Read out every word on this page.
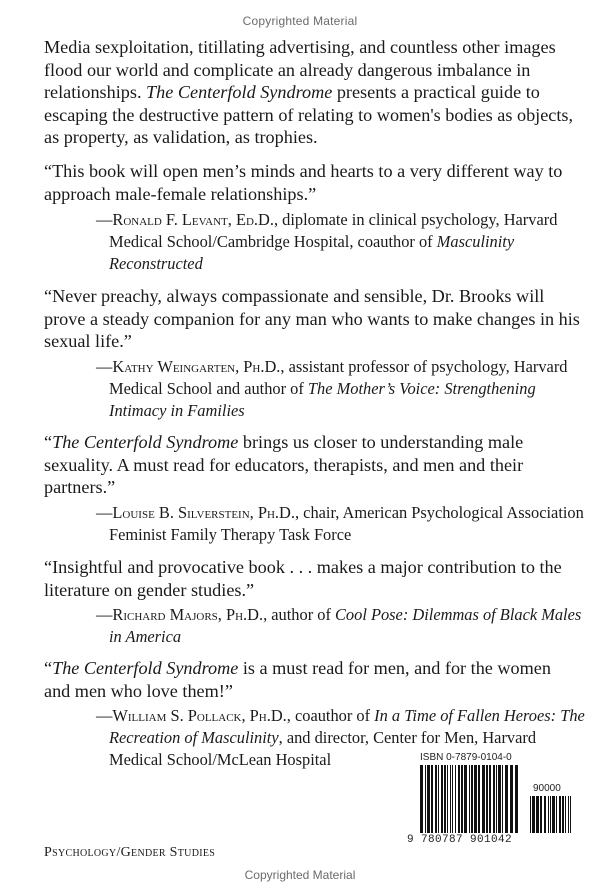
Copyrighted Material

Media sexploitation, titillating advertising, and countless other images flood our world and complicate an already dangerous imbalance in relationships. The Centerfold Syndrome presents a practical guide to escaping the destructive pattern of relating to women's bodies as objects, as property, as validation, as trophies.

“This book will open men’s minds and hearts to a very different way to approach male-female relationships.”

—Ronald F. Levant, Ed.D., diplomate in clinical psychology, Harvard Medical School/Cambridge Hospital, coauthor of Masculinity Reconstructed

“Never preachy, always compassionate and sensible, Dr. Brooks will prove a steady companion for any man who wants to make changes in his sexual life.”

—Kathy Weingarten, Ph.D., assistant professor of psychology, Harvard Medical School and author of The Mother’s Voice: Strengthening Intimacy in Families

“The Centerfold Syndrome brings us closer to understanding male sexuality. A must read for educators, therapists, and men and their partners.”

—Louise B. Silverstein, Ph.D., chair, American Psychological Association Feminist Family Therapy Task Force

“Insightful and provocative book . . . makes a major contribution to the literature on gender studies.”

—Richard Majors, Ph.D., author of Cool Pose: Dilemmas of Black Males in America

“The Centerfold Syndrome is a must read for men, and for the women and men who love them!”

—William S. Pollack, Ph.D., coauthor of In a Time of Fallen Heroes: The Recreation of Masculinity, and director, Center for Men, Harvard Medical School/McLean Hospital	ISBN 0-7879-0104-0
90000
9 780787 901042
Psychology/Gender Studies
Copyrighted Material
